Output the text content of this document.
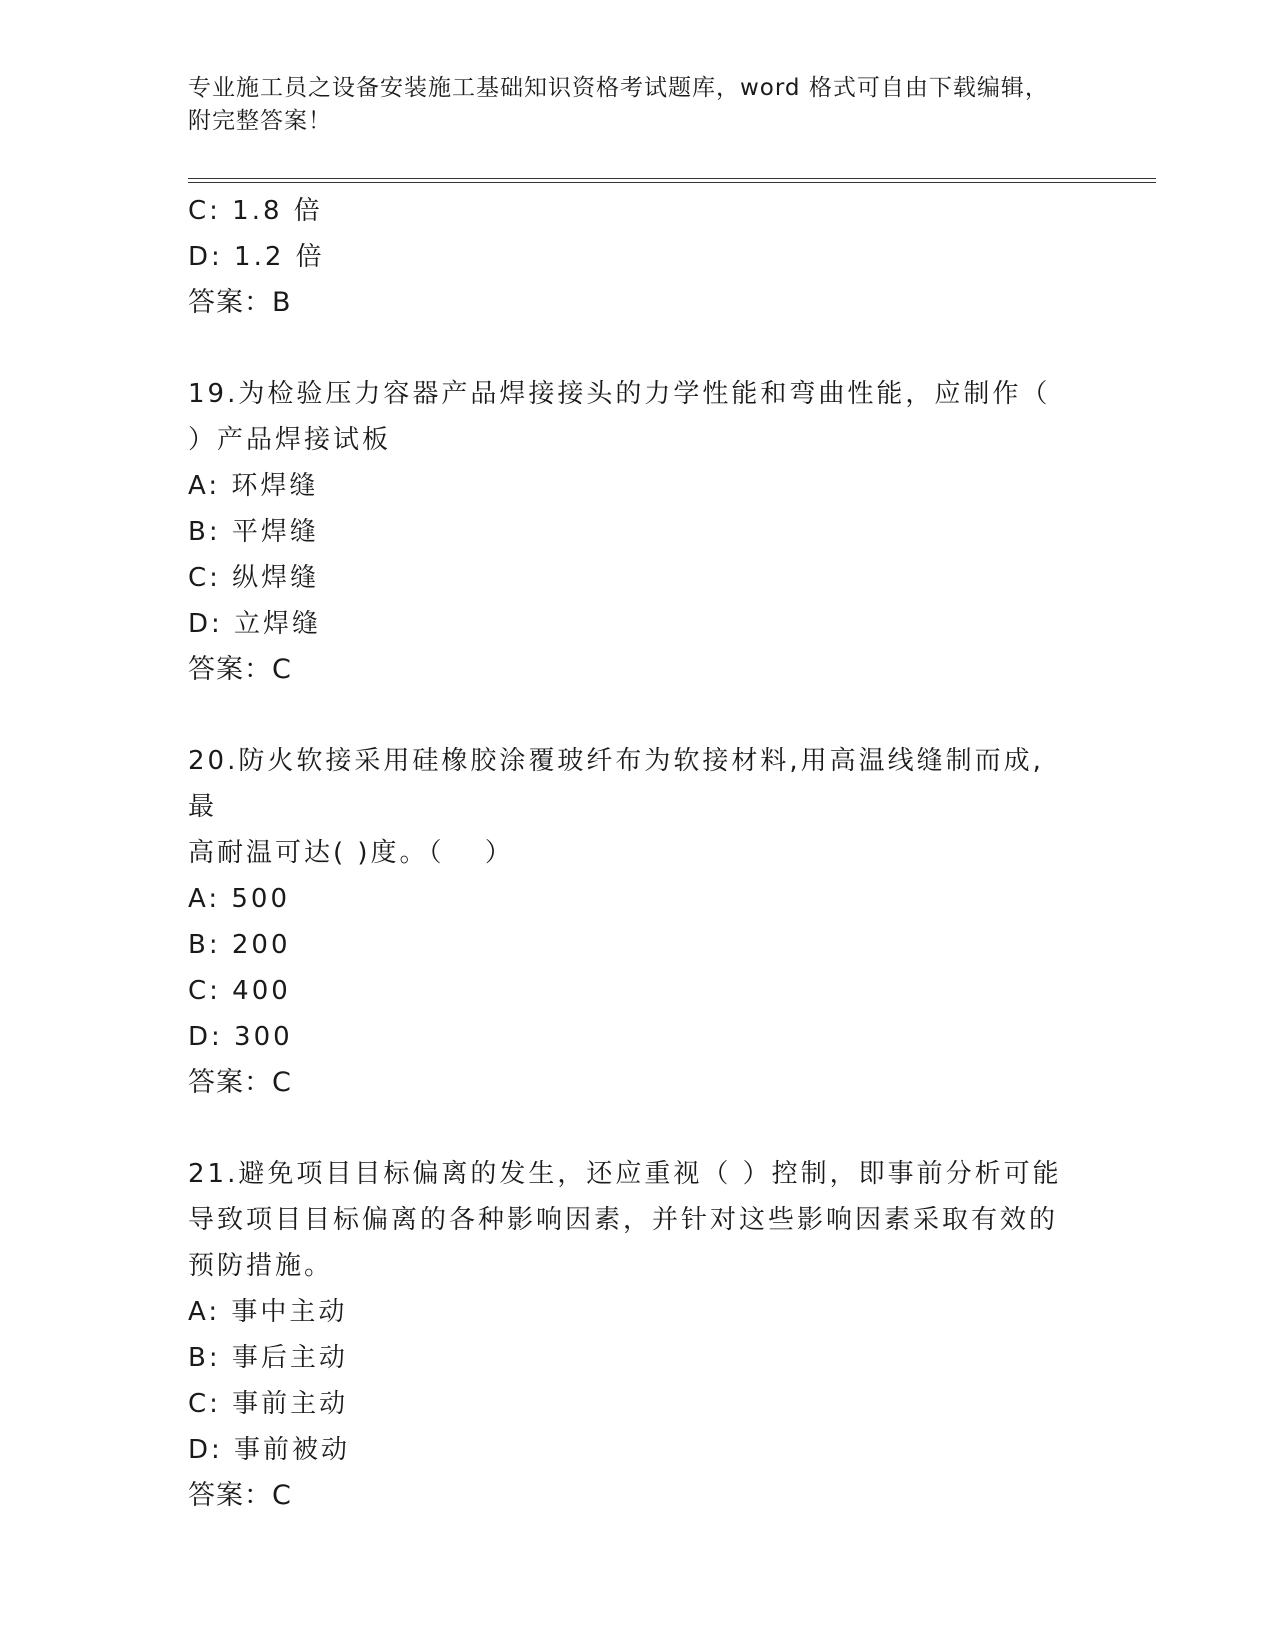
专业施工员之设备安装施工基础知识资格考试题库，word 格式可自由下载编辑，
附完整答案！
C: 1.8 倍
D: 1.2 倍
答案：B
19.为检验压力容器产品焊接接头的力学性能和弯曲性能，应制作（
）产品焊接试板
A: 环焊缝
B: 平焊缝
C: 纵焊缝
D: 立焊缝
答案：C
20.防火软接采用硅橡胶涂覆玻纤布为软接材料,用高温线缝制而成,最
高耐温可达( )度。（　 ）
A: 500
B: 200
C: 400
D: 300
答案：C
21.避免项目目标偏离的发生，还应重视（ ）控制，即事前分析可能
导致项目目标偏离的各种影响因素，并针对这些影响因素采取有效的
预防措施。
A: 事中主动
B: 事后主动
C: 事前主动
D: 事前被动
答案：C
